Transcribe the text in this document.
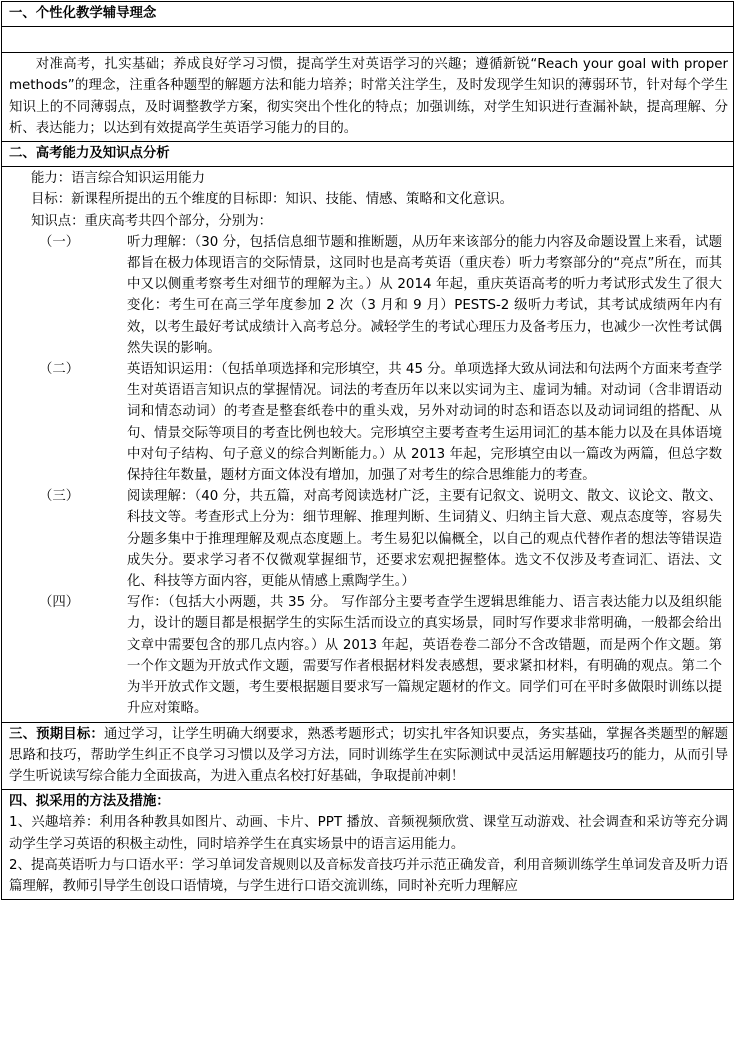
一、个性化教学辅导理念

对准高考，扎实基础；养成良好学习习惯，提高学生对英语学习的兴趣；遵循新锐“Reach your goal with proper methods”的理念，注重各种题型的解题方法和能力培养；时常关注学生，及时发现学生知识的薄弱环节，针对每个学生知识上的不同薄弱点，及时调整教学方案，彻实突出个性化的特点；加强训练，对学生知识进行查漏补缺，提高理解、分析、表达能力；以达到有效提高学生英语学习能力的目的。
二、高考能力及知识点分析

能力：语言综合知识运用能力
目标：新课程所提出的五个维度的目标即：知识、技能、情感、策略和文化意识。
知识点：重庆高考共四个部分，分别为：
（一）	听力理解：（30 分，包括信息细节题和推断题，从历年来该部分的能力内容及命题设置上来看，试题都旨在极力体现语言的交际情景，这同时也是高考英语（重庆卷）听力考察部分的“亮点”所在，而其中又以侧重考察考生对细节的理解为主。）从 2014 年起，重庆英语高考的听力考试形式发生了很大变化：考生可在高三学年度参加 2 次（3 月和 9 月）PESTS-2 级听力考试，其考试成绩两年内有效，以考生最好考试成绩计入高考总分。减轻学生的考试心理压力及备考压力，也减少一次性考试偶然失误的影响。
（二）	英语知识运用：（包括单项选择和完形填空，共 45 分。单项选择大致从词法和句法两个方面来考查学生对英语语言知识点的掌握情况。词法的考查历年以来以实词为主、虚词为辅。对动词（含非谓语动词和情态动词）的考查是整套纸卷中的重头戏，另外对动词的时态和语态以及动词词组的搭配、从句、情景交际等项目的考查比例也较大。完形填空主要考查考生运用词汇的基本能力以及在具体语境中对句子结构、句子意义的综合判断能力。）从 2013 年起，完形填空由以一篇改为两篇，但总字数保持往年数量，题材方面文体没有增加，加强了对考生的综合思维能力的考查。
（三）	阅读理解：（40 分，共五篇，对高考阅读选材广泛，主要有记叙文、说明文、散文、议论文、散文、科技文等。考查形式上分为：细节理解、推理判断、生词猜义、归纳主旨大意、观点态度等，容易失分题多集中于推理理解及观点态度题上。考生易犯以偏概全，以自己的观点代替作者的想法等错误造成失分。要求学习者不仅微观掌握细节，还要求宏观把握整体。选文不仅涉及考查词汇、语法、文化、科技等方面内容，更能从情感上熏陶学生。）
（四）	写作：（包括大小两题，共 35 分。 写作部分主要考查学生逻辑思维能力、语言表达能力以及组织能力，设计的题目都是根据学生的实际生活而设立的真实场景，同时写作要求非常明确，一般都会给出文章中需要包含的那几点内容。）从 2013 年起，英语卷卷二部分不含改错题，而是两个作文题。第一个作文题为开放式作文题，需要写作者根据材料发表感想，要求紧扣材料，有明确的观点。第二个为半开放式作文题，考生要根据题目要求写一篇规定题材的作文。同学们可在平时多做限时训练以提升应对策略。

三、预期目标：通过学习，让学生明确大纲要求，熟悉考题形式；切实扎牢各知识要点，务实基础，掌握各类题型的解题思路和技巧，帮助学生纠正不良学习习惯以及学习方法，同时训练学生在实际测试中灵活运用解题技巧的能力，从而引导学生听说读写综合能力全面拔高，为进入重点名校打好基础，争取提前冲刺！

四、拟采用的方法及措施：
1、兴趣培养：利用各种教具如图片、动画、卡片、PPT 播放、音频视频欣赏、课堂互动游戏、社会调查和采访等充分调动学生学习英语的积极主动性，同时培养学生在真实场景中的语言运用能力。
2、提高英语听力与口语水平：学习单词发音规则以及音标发音技巧并示范正确发音，利用音频训练学生单词发音及听力语篇理解，教师引导学生创设口语情境，与学生进行口语交流训练，同时补充听力理解应
